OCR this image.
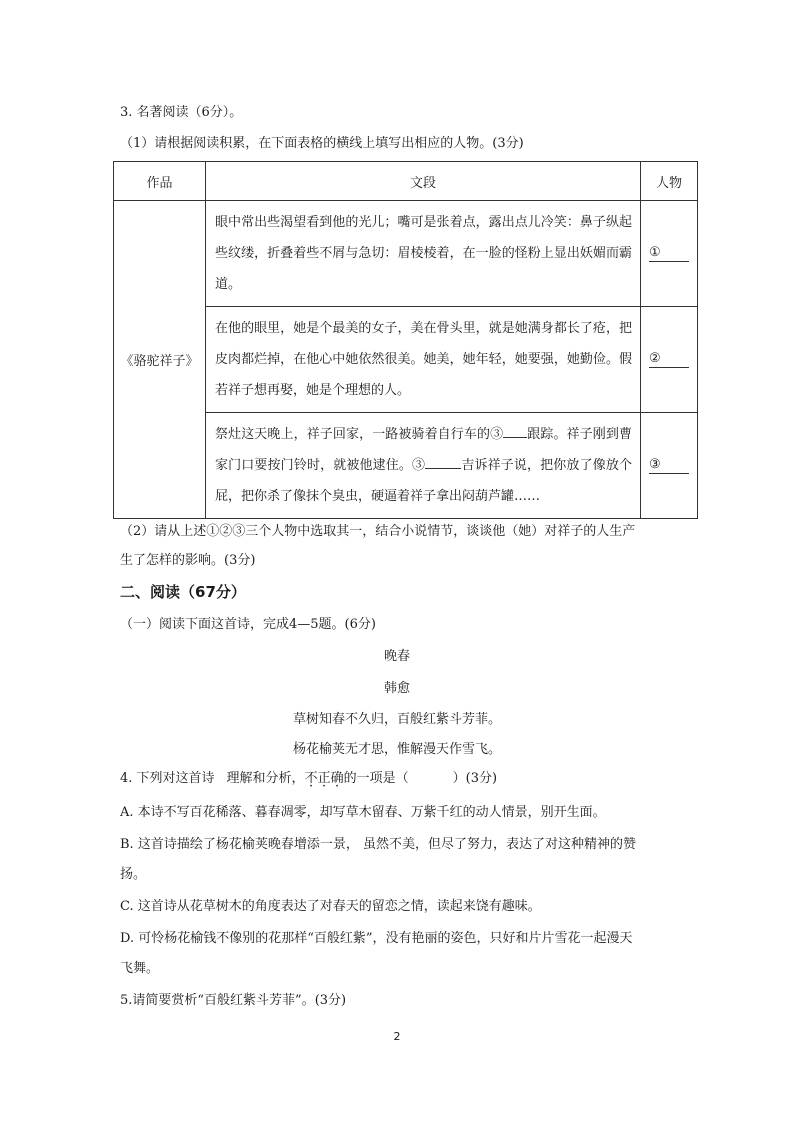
3. 名著阅读（6分）。
（1）请根据阅读积累，在下面表格的横线上填写出相应的人物。(3分)
作品	文段	人物
《骆驼祥子》	眼中常出些渴望看到他的光儿；嘴可是张着点，露出点儿冷笑：鼻子纵起些纹缕，折叠着些不屑与急切：眉棱棱着，在一脸的怪粉上显出妖媚而霸道。	①
	在他的眼里，她是个最美的女子，美在骨头里，就是她满身都长了疮，把皮肉都烂掉，在他心中她依然很美。她美，她年轻，她要强，她勤俭。假若祥子想再娶，她是个理想的人。	②
	祭灶这天晚上，祥子回家，一路被骑着自行车的③ 跟踪。祥子刚到曹家门口要按门铃时，就被他逮住。③ 吉诉祥子说，把你放了像放个屁，把你杀了像抹个臭虫，硬逼着祥子拿出闷葫芦罐……	③
（2）请从上述①②③三个人物中选取其一，结合小说情节，谈谈他（她）对祥子的人生产
生了怎样的影响。(3分)
二、阅读（67分）
（一）阅读下面这首诗，完成4—5题。(6分)
晚春
韩愈
草树知春不久归，百般红紫斗芳菲。
杨花榆荚无才思，惟解漫天作雪飞。
4. 下列对这首诗 理解和分析，不正确的一项是（	）(3分)
A. 本诗不写百花稀落、暮春凋零，却写草木留春、万紫千红的动人情景，别开生面。
B. 这首诗描绘了杨花榆荚晚春增添一景， 虽然不美，但尽了努力，表达了对这种精神的赞
扬。
C. 这首诗从花草树木的角度表达了对春天的留恋之情，读起来饶有趣味。
D. 可怜杨花榆钱不像别的花那样“百般红紫”，没有艳丽的姿色，只好和片片雪花一起漫天
飞舞。
5.请简要赏析“百般红紫斗芳菲”。(3分)
2
